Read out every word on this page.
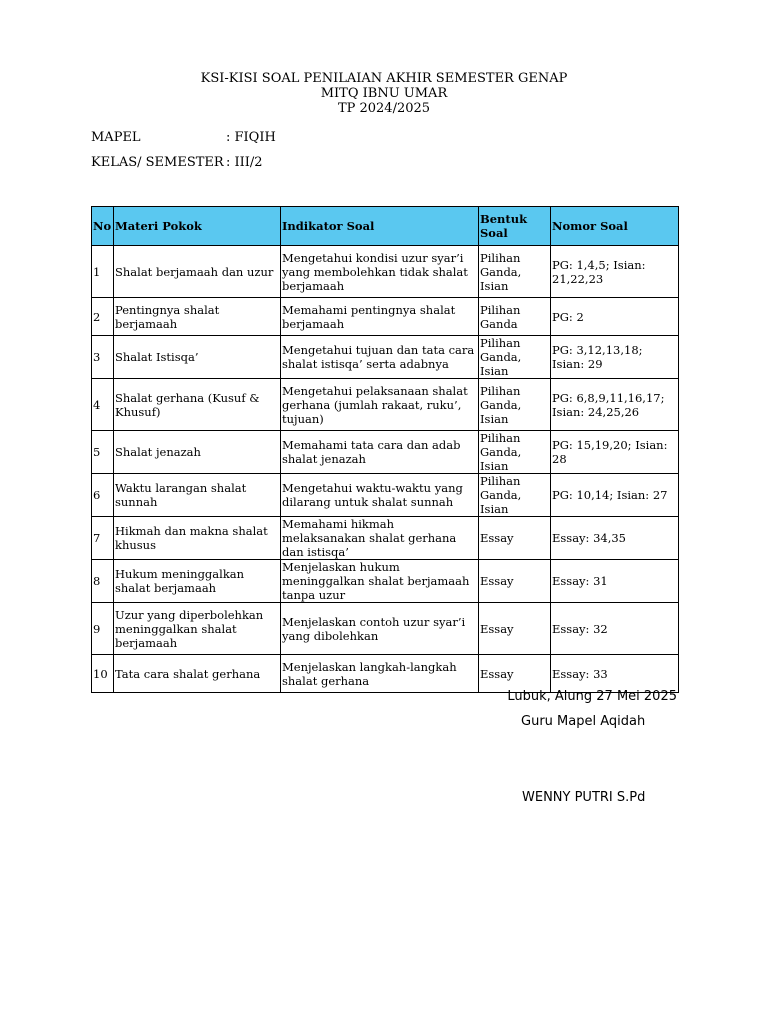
KSI-KISI SOAL PENILAIAN AKHIR SEMESTER GENAP
MITQ IBNU UMAR
TP 2024/2025
MAPEL	: FIQIH
KELAS/ SEMESTER : III/2
No	Materi Pokok	Indikator Soal	Bentuk Soal	Nomor Soal
1	Shalat berjamaah dan uzur	Mengetahui kondisi uzur syar’i yang membolehkan tidak shalat berjamaah	Pilihan Ganda, Isian	PG: 1,4,5; Isian: 21,22,23
2	Pentingnya shalat berjamaah	Memahami pentingnya shalat berjamaah	Pilihan Ganda	PG: 2
3	Shalat Istisqa’	Mengetahui tujuan dan tata cara shalat istisqa’ serta adabnya	Pilihan Ganda, Isian	PG: 3,12,13,18; Isian: 29
4	Shalat gerhana (Kusuf & Khusuf)	Mengetahui pelaksanaan shalat gerhana (jumlah rakaat, ruku’, tujuan)	Pilihan Ganda, Isian	PG: 6,8,9,11,16,17; Isian: 24,25,26
5	Shalat jenazah	Memahami tata cara dan adab shalat jenazah	Pilihan Ganda, Isian	PG: 15,19,20; Isian: 28
6	Waktu larangan shalat sunnah	Mengetahui waktu-waktu yang dilarang untuk shalat sunnah	Pilihan Ganda, Isian	PG: 10,14; Isian: 27
7	Hikmah dan makna shalat khusus	Memahami hikmah melaksanakan shalat gerhana dan istisqa’	Essay	Essay: 34,35
8	Hukum meninggalkan shalat berjamaah	Menjelaskan hukum meninggalkan shalat berjamaah tanpa uzur	Essay	Essay: 31
9	Uzur yang diperbolehkan meninggalkan shalat berjamaah	Menjelaskan contoh uzur syar’i yang dibolehkan	Essay	Essay: 32
10	Tata cara shalat gerhana	Menjelaskan langkah-langkah shalat gerhana	Essay	Essay: 33
Lubuk, Alung 27 Mei 2025
Guru Mapel Aqidah
WENNY PUTRI S.Pd
